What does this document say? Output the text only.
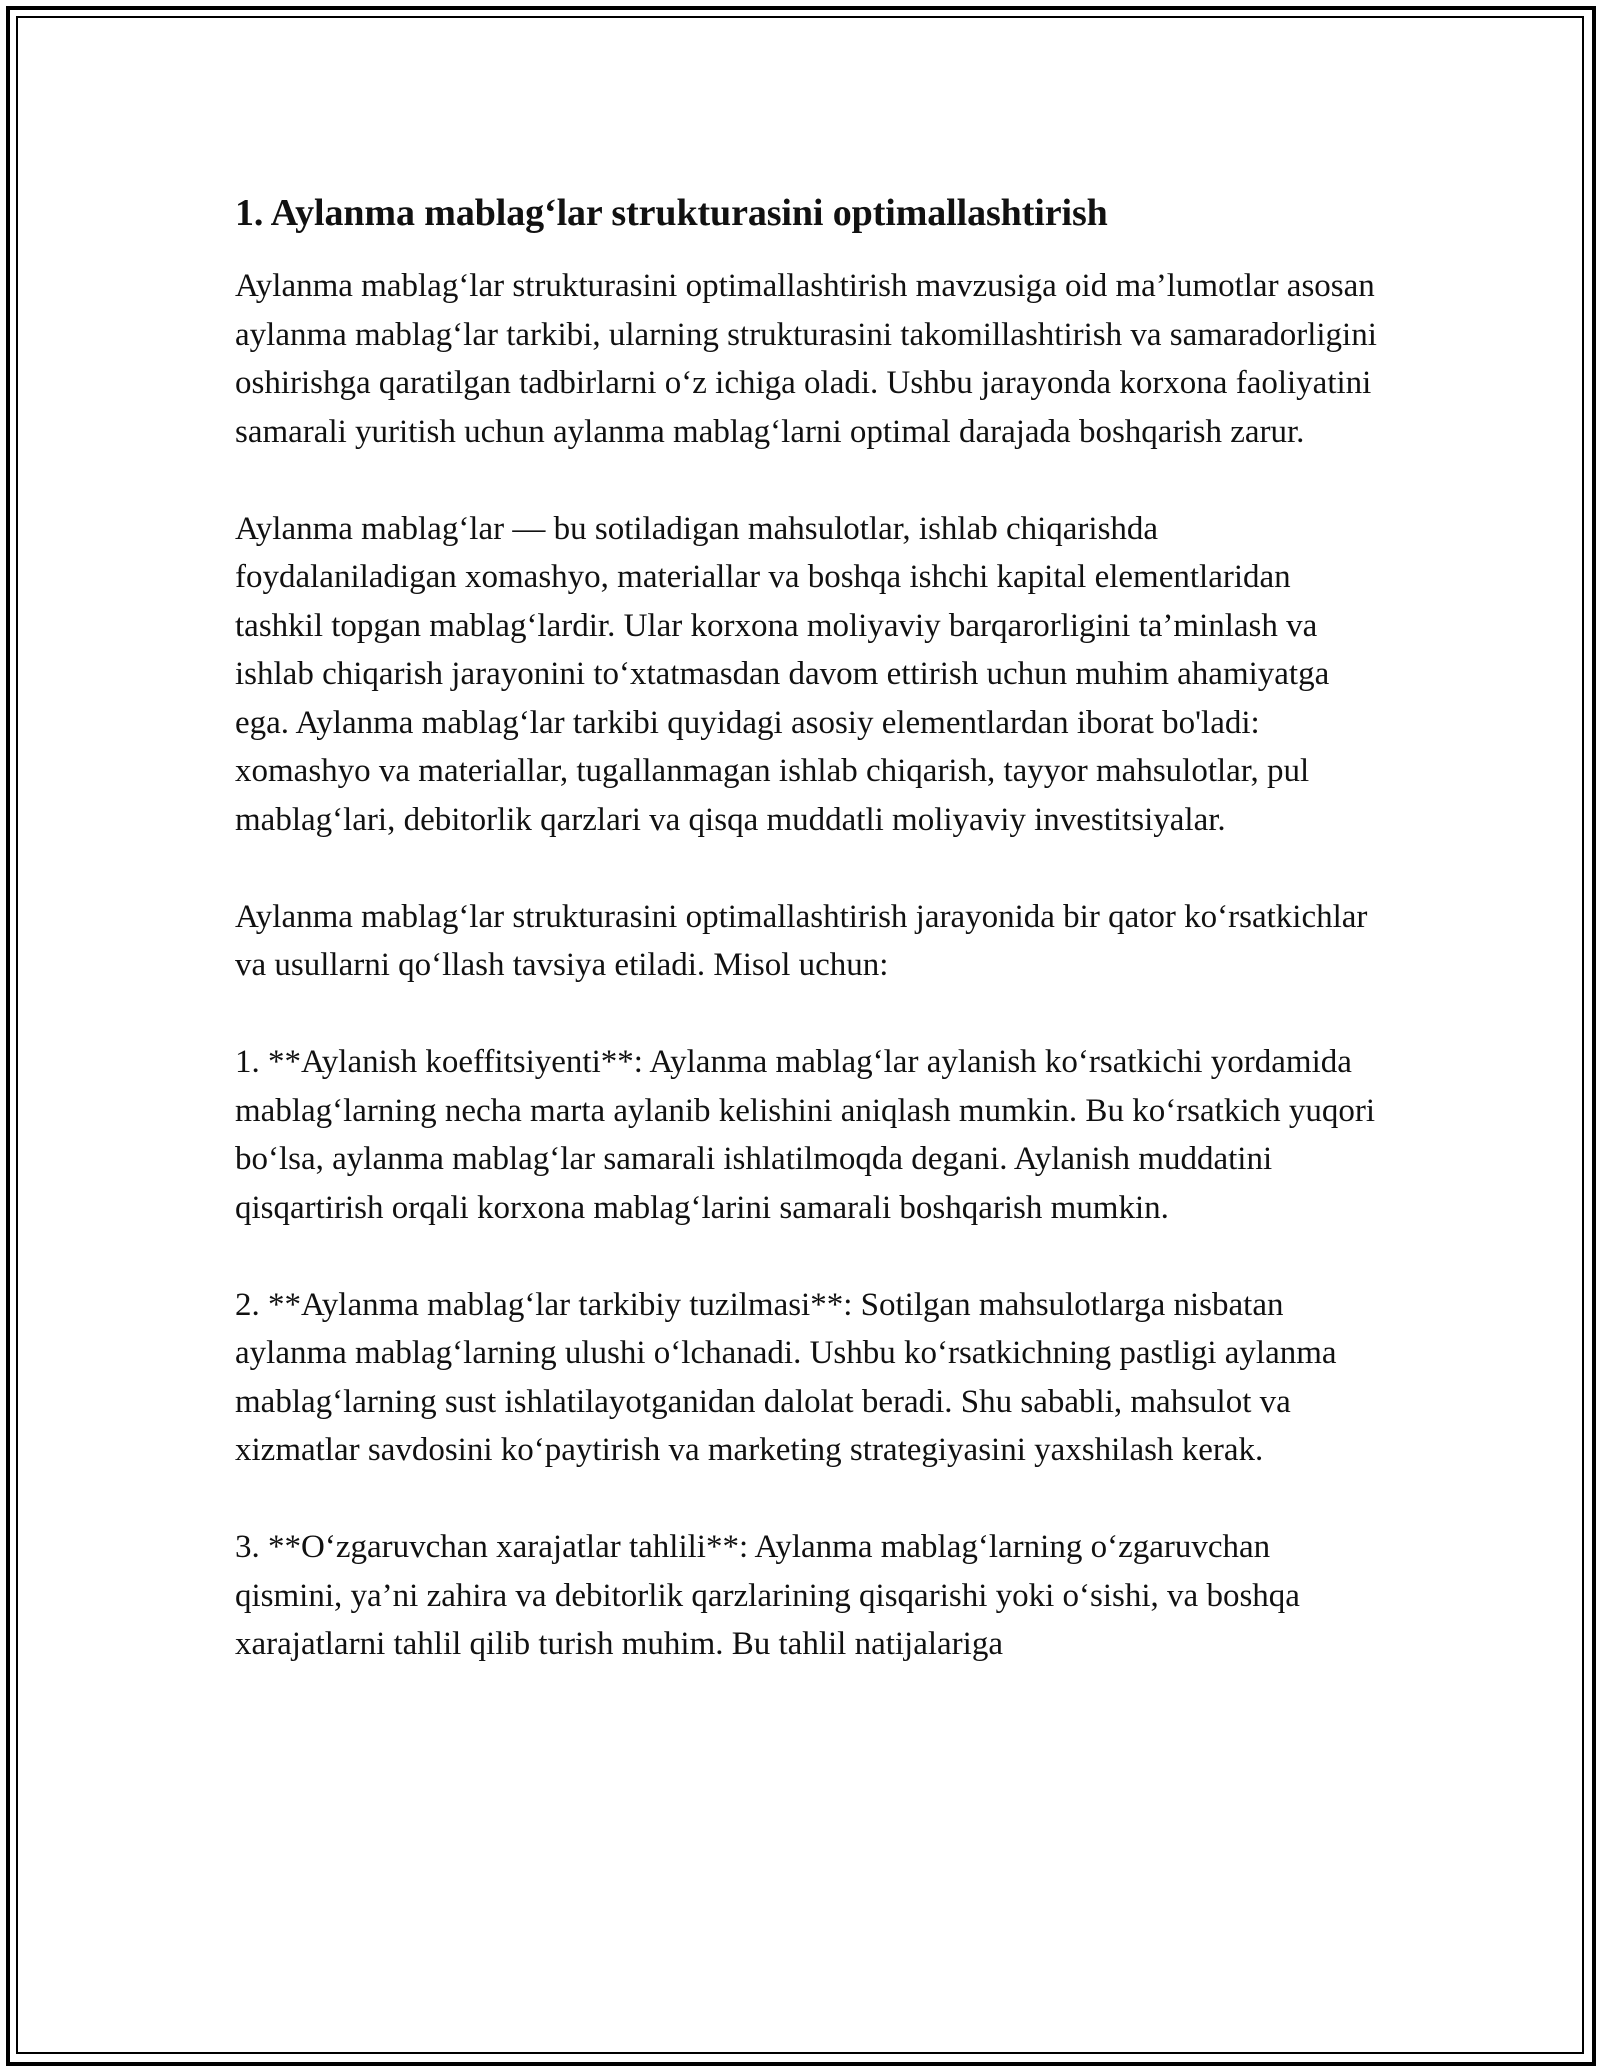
1. Aylanma mablag‘lar strukturasini optimallashtirish

Aylanma mablag‘lar strukturasini optimallashtirish mavzusiga oid ma’lumotlar asosan aylanma mablag‘lar tarkibi, ularning strukturasini takomillashtirish va samaradorligini oshirishga qaratilgan tadbirlarni o‘z ichiga oladi. Ushbu jarayonda korxona faoliyatini samarali yuritish uchun aylanma mablag‘larni optimal darajada boshqarish zarur.

Aylanma mablag‘lar — bu sotiladigan mahsulotlar, ishlab chiqarishda foydalaniladigan xomashyo, materiallar va boshqa ishchi kapital elementlaridan tashkil topgan mablag‘lardir. Ular korxona moliyaviy barqarorligini ta’minlash va ishlab chiqarish jarayonini to‘xtatmasdan davom ettirish uchun muhim ahamiyatga ega. Aylanma mablag‘lar tarkibi quyidagi asosiy elementlardan iborat bo'ladi: xomashyo va materiallar, tugallanmagan ishlab chiqarish, tayyor mahsulotlar, pul mablag‘lari, debitorlik qarzlari va qisqa muddatli moliyaviy investitsiyalar.

Aylanma mablag‘lar strukturasini optimallashtirish jarayonida bir qator ko‘rsatkichlar va usullarni qo‘llash tavsiya etiladi. Misol uchun:

1. **Aylanish koeffitsiyenti**: Aylanma mablag‘lar aylanish ko‘rsatkichi yordamida mablag‘larning necha marta aylanib kelishini aniqlash mumkin. Bu ko‘rsatkich yuqori bo‘lsa, aylanma mablag‘lar samarali ishlatilmoqda degani. Aylanish muddatini qisqartirish orqali korxona mablag‘larini samarali boshqarish mumkin.

2. **Aylanma mablag‘lar tarkibiy tuzilmasi**: Sotilgan mahsulotlarga nisbatan aylanma mablag‘larning ulushi o‘lchanadi. Ushbu ko‘rsatkichning pastligi aylanma mablag‘larning sust ishlatilayotganidan dalolat beradi. Shu sababli, mahsulot va xizmatlar savdosini ko‘paytirish va marketing strategiyasini yaxshilash kerak.

3. **O‘zgaruvchan xarajatlar tahlili**: Aylanma mablag‘larning o‘zgaruvchan qismini, ya’ni zahira va debitorlik qarzlarining qisqarishi yoki o‘sishi, va boshqa xarajatlarni tahlil qilib turish muhim. Bu tahlil natijalariga
